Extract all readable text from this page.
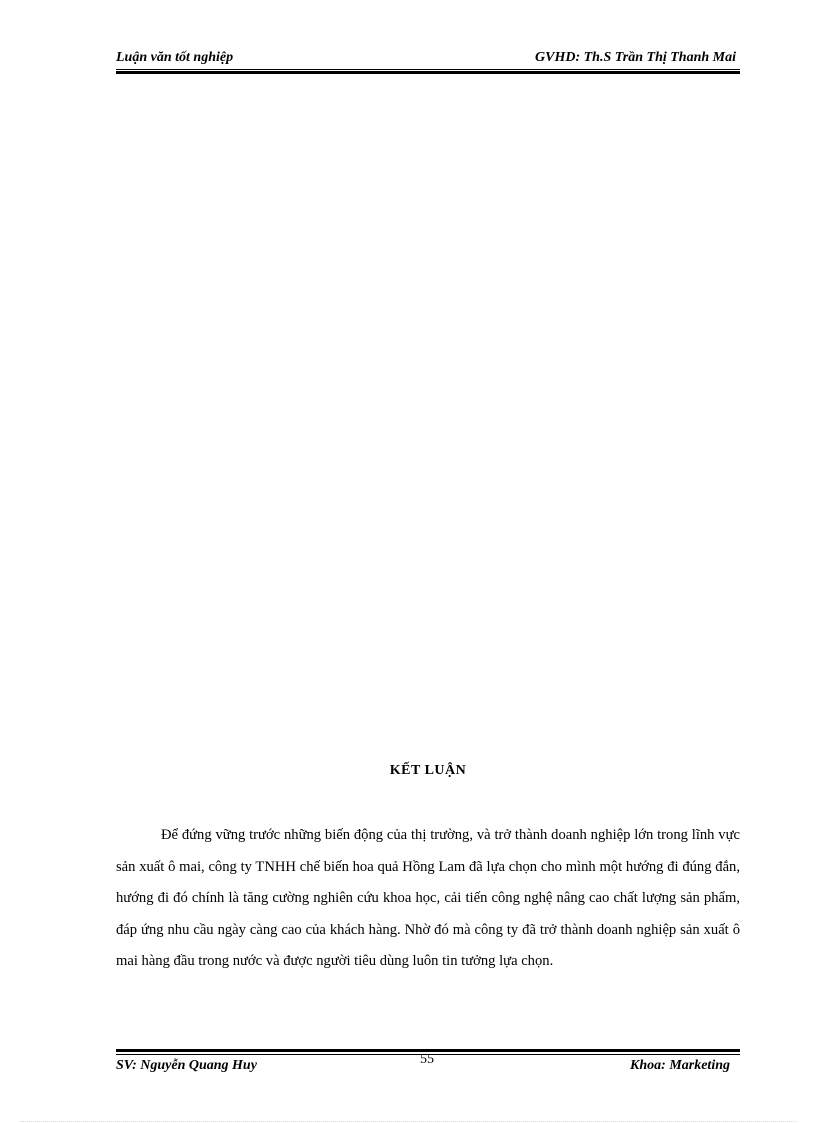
Luận văn tốt nghiệp	GVHD: Th.S Trần Thị Thanh Mai
KẾT LUẬN

Để đứng vững trước những biến động của thị trường, và trở thành doanh nghiệp lớn trong lĩnh vực sản xuất ô mai, công ty TNHH chế biến hoa quả Hồng Lam đã lựa chọn cho mình một hướng đi đúng đắn, hướng đi đó chính là tăng cường nghiên cứu khoa học, cải tiến công nghệ nâng cao chất lượng sản phẩm, đáp ứng nhu cầu ngày càng cao của khách hàng. Nhờ đó mà công ty đã trở thành doanh nghiệp sản xuất ô mai hàng đầu trong nước và được người tiêu dùng luôn tin tưởng lựa chọn.

55
SV: Nguyễn Quang Huy	Khoa: Marketing
